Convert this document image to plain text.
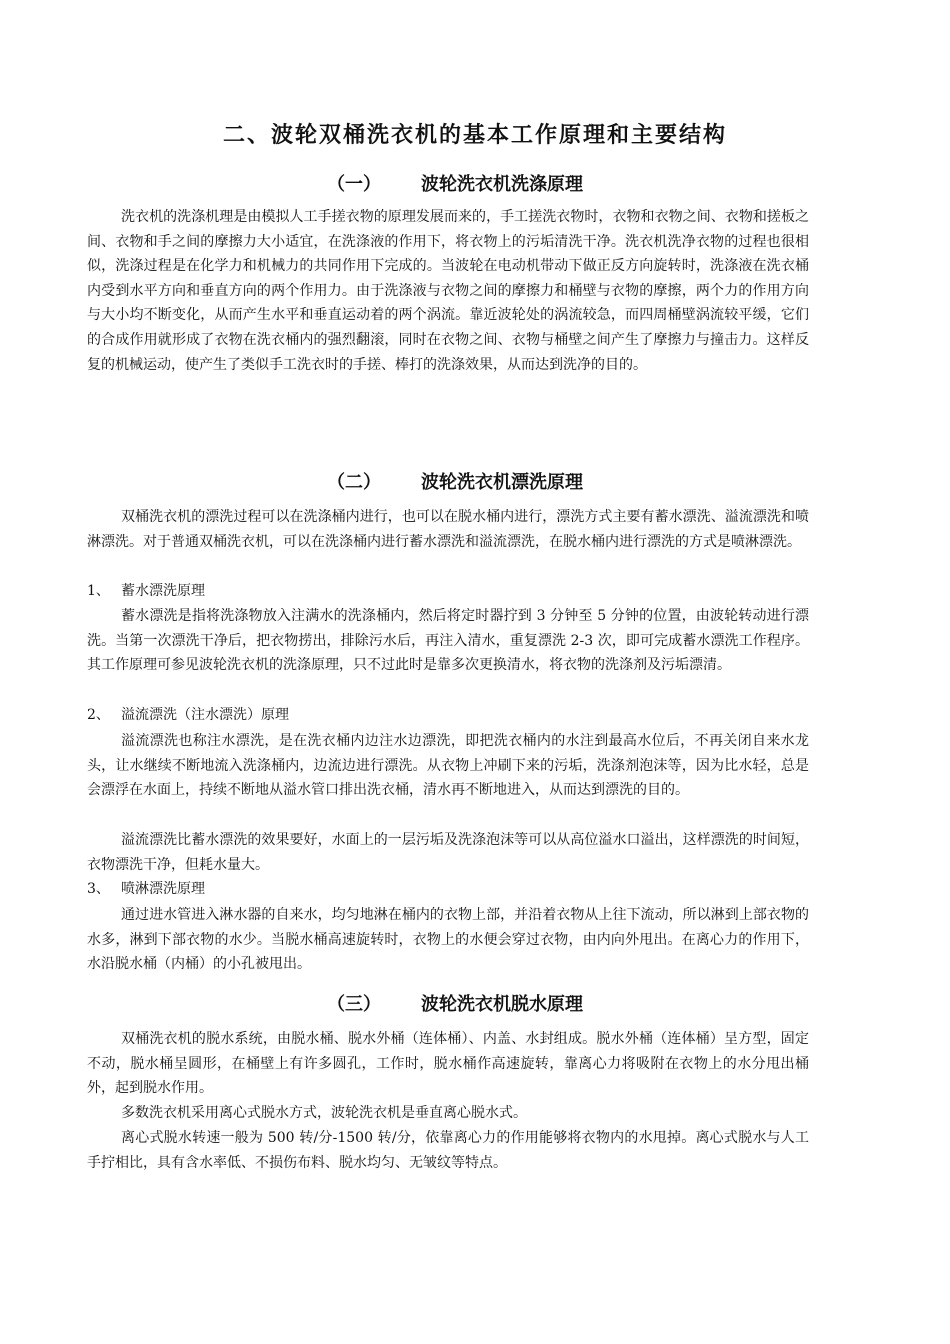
二、波轮双桶洗衣机的基本工作原理和主要结构
（一） 波轮洗衣机洗涤原理

洗衣机的洗涤机理是由模拟人工手搓衣物的原理发展而来的，手工搓洗衣物时，衣物和衣物之间、衣物和搓板之间、衣物和手之间的摩擦力大小适宜，在洗涤液的作用下，将衣物上的污垢清洗干净。洗衣机洗净衣物的过程也很相似，洗涤过程是在化学力和机械力的共同作用下完成的。当波轮在电动机带动下做正反方向旋转时，洗涤液在洗衣桶内受到水平方向和垂直方向的两个作用力。由于洗涤液与衣物之间的摩擦力和桶壁与衣物的摩擦，两个力的作用方向与大小均不断变化，从而产生水平和垂直运动着的两个涡流。靠近波轮处的涡流较急，而四周桶壁涡流较平缓，它们的合成作用就形成了衣物在洗衣桶内的强烈翻滚，同时在衣物之间、衣物与桶壁之间产生了摩擦力与撞击力。这样反复的机械运动，使产生了类似手工洗衣时的手搓、棒打的洗涤效果，从而达到洗净的目的。

（二） 波轮洗衣机漂洗原理

双桶洗衣机的漂洗过程可以在洗涤桶内进行，也可以在脱水桶内进行，漂洗方式主要有蓄水漂洗、溢流漂洗和喷淋漂洗。对于普通双桶洗衣机，可以在洗涤桶内进行蓄水漂洗和溢流漂洗，在脱水桶内进行漂洗的方式是喷淋漂洗。

1、 蓄水漂洗原理

蓄水漂洗是指将洗涤物放入注满水的洗涤桶内，然后将定时器拧到 3 分钟至 5 分钟的位置，由波轮转动进行漂洗。当第一次漂洗干净后，把衣物捞出，排除污水后，再注入清水，重复漂洗 2-3 次，即可完成蓄水漂洗工作程序。其工作原理可参见波轮洗衣机的洗涤原理，只不过此时是靠多次更换清水，将衣物的洗涤剂及污垢漂清。

2、 溢流漂洗（注水漂洗）原理

溢流漂洗也称注水漂洗，是在洗衣桶内边注水边漂洗，即把洗衣桶内的水注到最高水位后，不再关闭自来水龙头，让水继续不断地流入洗涤桶内，边流边进行漂洗。从衣物上冲刷下来的污垢，洗涤剂泡沫等，因为比水轻，总是会漂浮在水面上，持续不断地从溢水管口排出洗衣桶，清水再不断地进入，从而达到漂洗的目的。

溢流漂洗比蓄水漂洗的效果要好，水面上的一层污垢及洗涤泡沫等可以从高位溢水口溢出，这样漂洗的时间短，衣物漂洗干净，但耗水量大。

3、 喷淋漂洗原理

通过进水管进入淋水器的自来水，均匀地淋在桶内的衣物上部，并沿着衣物从上往下流动，所以淋到上部衣物的水多，淋到下部衣物的水少。当脱水桶高速旋转时，衣物上的水便会穿过衣物，由内向外甩出。在离心力的作用下，水沿脱水桶（内桶）的小孔被甩出。

（三） 波轮洗衣机脱水原理

双桶洗衣机的脱水系统，由脱水桶、脱水外桶（连体桶）、内盖、水封组成。脱水外桶（连体桶）呈方型，固定不动，脱水桶呈圆形，在桶壁上有许多圆孔，工作时，脱水桶作高速旋转，靠离心力将吸附在衣物上的水分甩出桶外，起到脱水作用。

多数洗衣机采用离心式脱水方式，波轮洗衣机是垂直离心脱水式。

离心式脱水转速一般为 500 转/分-1500 转/分，依靠离心力的作用能够将衣物内的水甩掉。离心式脱水与人工手拧相比，具有含水率低、不损伤布料、脱水均匀、无皱纹等特点。
